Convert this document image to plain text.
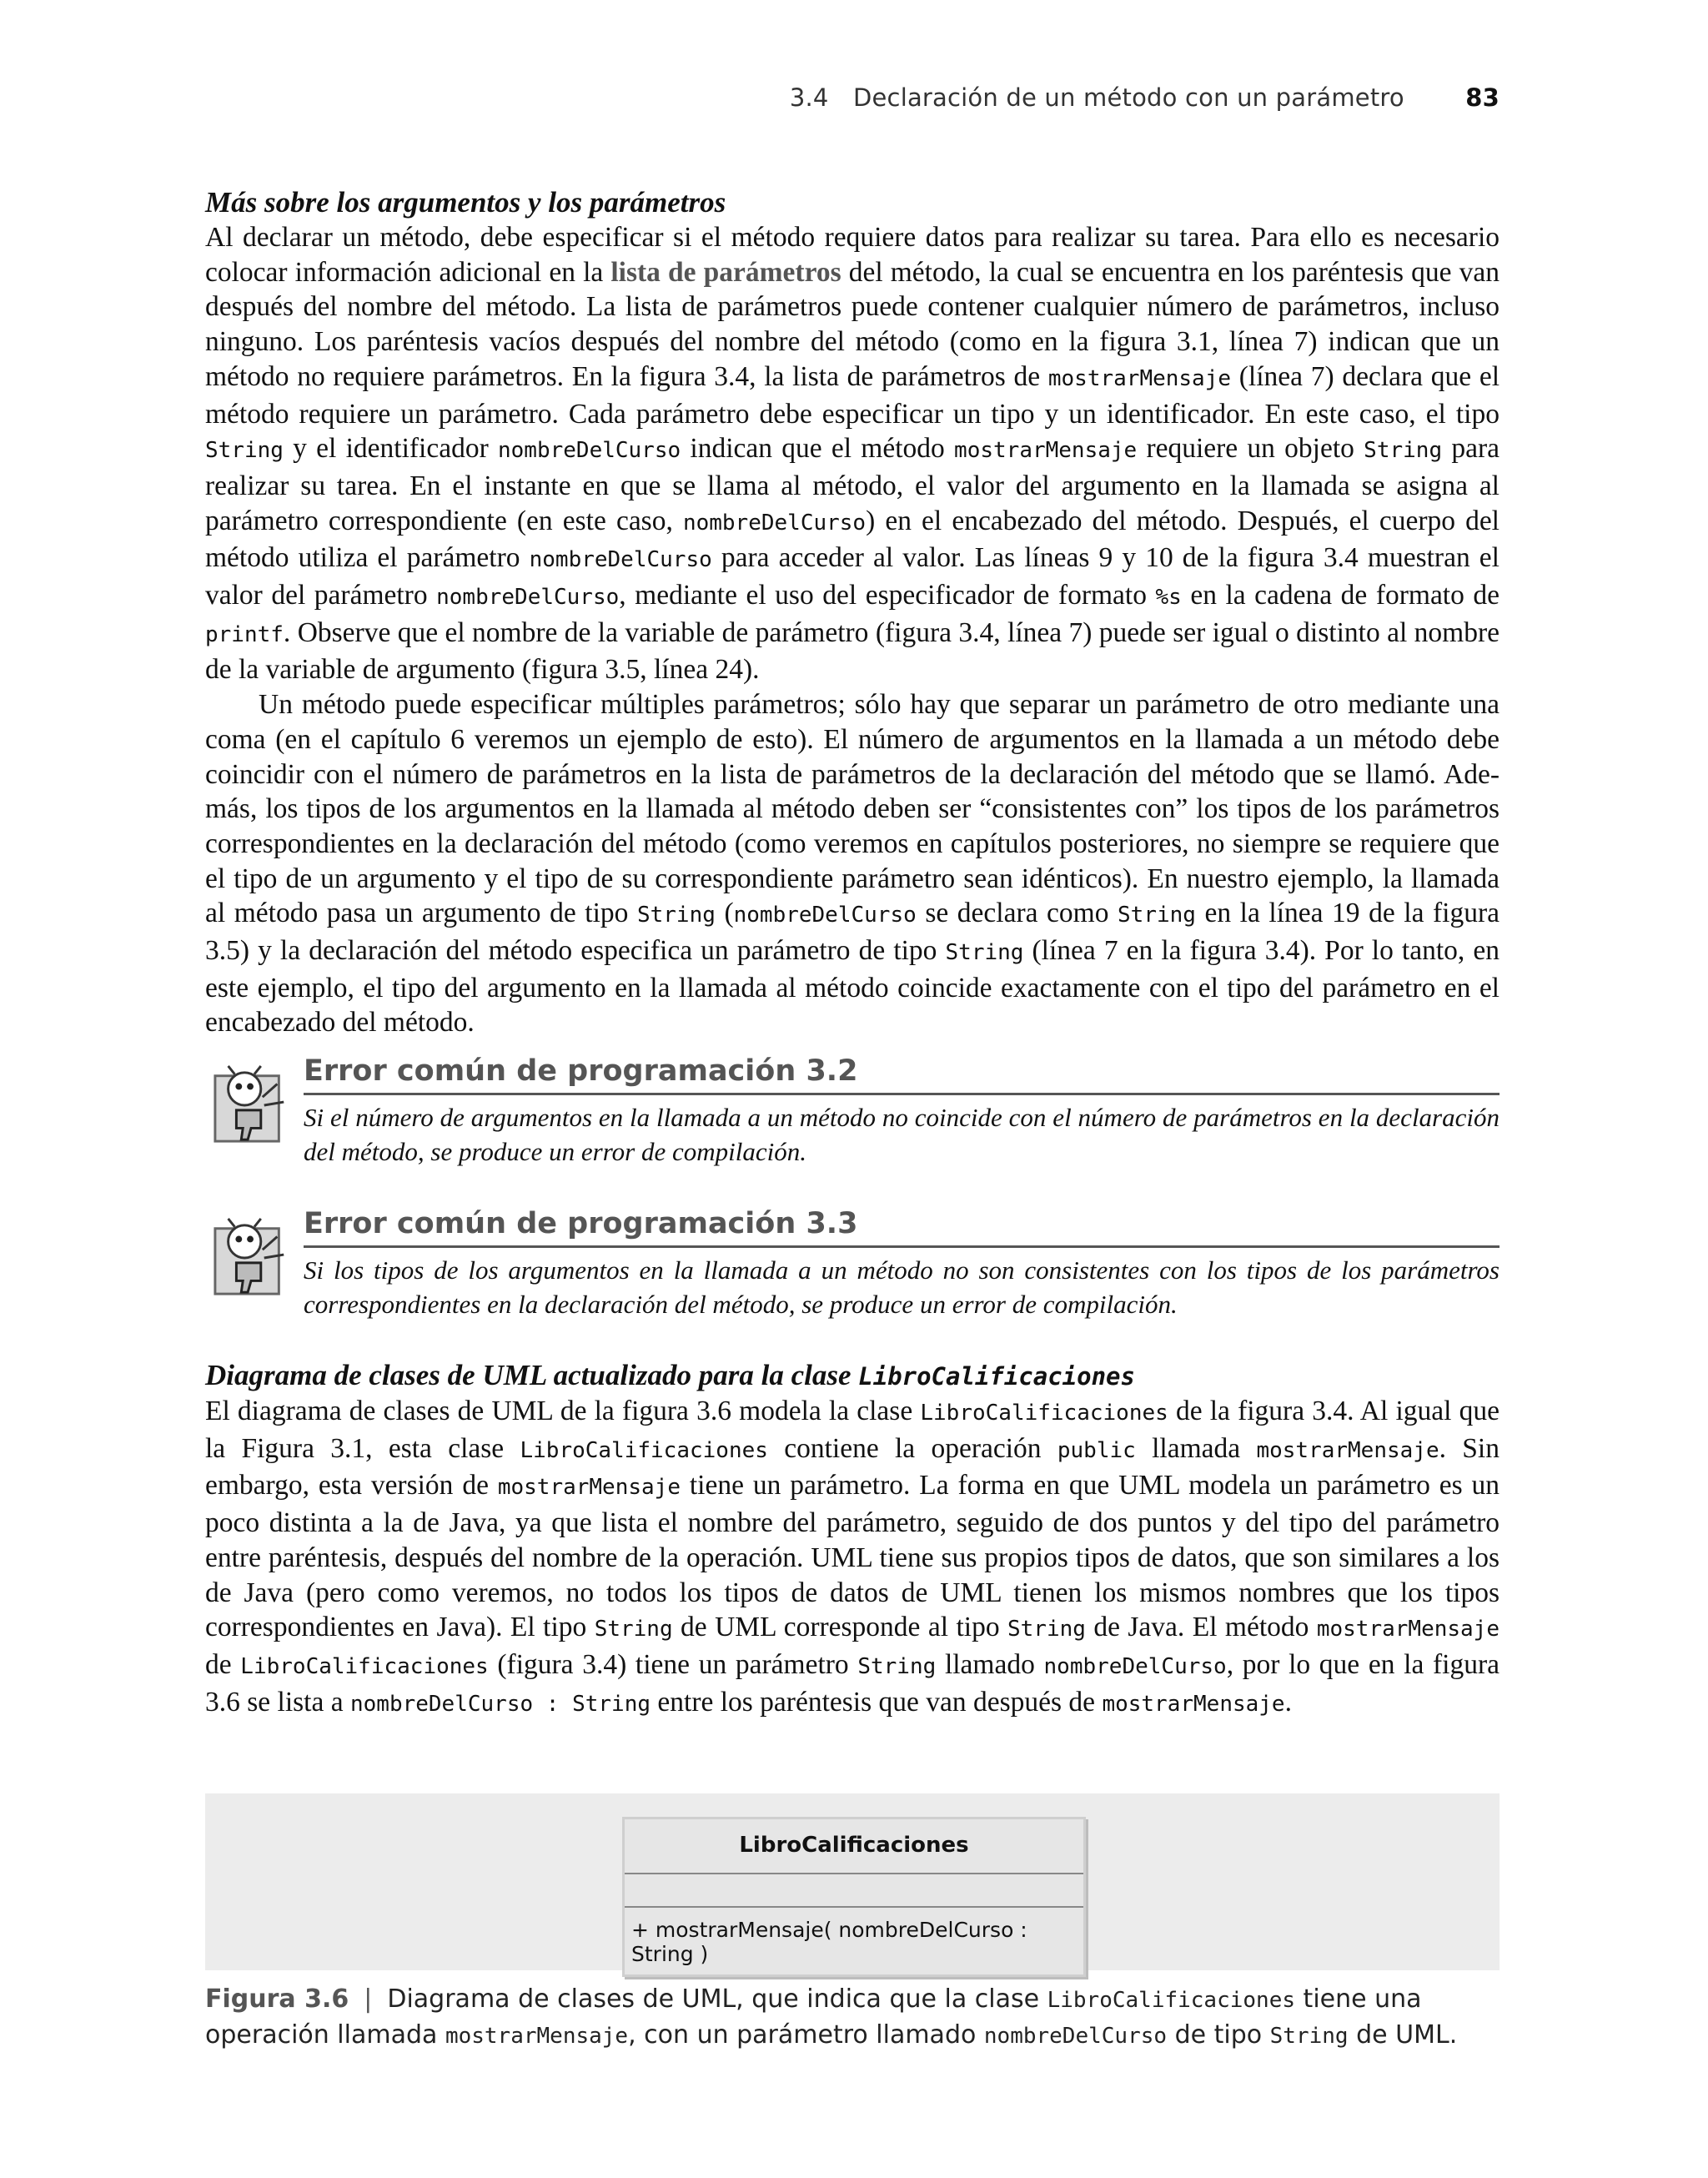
3.4 Declaración de un método con un parámetro	83
Más sobre los argumentos y los parámetros

Al declarar un método, debe especificar si el método requiere datos para realizar su tarea. Para ello es necesario colocar información adicional en la lista de parámetros del método, la cual se encuentra en los paréntesis que van después del nombre del método. La lista de parámetros puede contener cualquier número de parámetros, incluso ninguno. Los paréntesis vacíos después del nombre del método (como en la figura 3.1, línea 7) indican que un método no requiere parámetros. En la figura 3.4, la lista de parámetros de mostrarMensaje (línea 7) declara que el método requiere un parámetro. Cada parámetro debe especificar un tipo y un identificador. En este caso, el tipo String y el identificador nombreDelCurso indican que el método mostrarMensaje requiere un objeto String para realizar su tarea. En el instante en que se llama al método, el valor del argumento en la llamada se asigna al parámetro correspondiente (en este caso, nombreDelCurso) en el encabezado del método. Después, el cuerpo del método utiliza el parámetro nombreDelCurso para acceder al valor. Las líneas 9 y 10 de la figura 3.4 muestran el valor del parámetro nombreDelCurso, mediante el uso del especificador de formato %s en la cadena de formato de printf. Observe que el nombre de la variable de parámetro (figura 3.4, línea 7) puede ser igual o distinto al nombre de la variable de argumento (figura 3.5, línea 24).

Un método puede especificar múltiples parámetros; sólo hay que separar un parámetro de otro mediante una coma (en el capítulo 6 veremos un ejemplo de esto). El número de argumentos en la llamada a un método debe coincidir con el número de parámetros en la lista de parámetros de la declaración del método que se llamó. Además, los tipos de los argumentos en la llamada al método deben ser “consistentes con” los tipos de los parámetros correspondientes en la declaración del método (como veremos en capítulos posteriores, no siempre se requiere que el tipo de un argumento y el tipo de su correspondiente parámetro sean idénticos). En nuestro ejemplo, la llamada al método pasa un argumento de tipo String (nombreDelCurso se declara como String en la línea 19 de la figura 3.5) y la declaración del método especifica un parámetro de tipo String (línea 7 en la figura 3.4). Por lo tanto, en este ejemplo, el tipo del argumento en la llamada al método coincide exactamente con el tipo del parámetro en el encabezado del método.

Error común de programación 3.2
Si el número de argumentos en la llamada a un método no coincide con el número de parámetros en la declaración del método, se produce un error de compilación.
Error común de programación 3.3
Si los tipos de los argumentos en la llamada a un método no son consistentes con los tipos de los parámetros correspondientes en la declaración del método, se produce un error de compilación.
Diagrama de clases de UML actualizado para la clase LibroCalificaciones

El diagrama de clases de UML de la figura 3.6 modela la clase LibroCalificaciones de la figura 3.4. Al igual que la Figura 3.1, esta clase LibroCalificaciones contiene la operación public llamada mostrarMensaje. Sin embargo, esta versión de mostrarMensaje tiene un parámetro. La forma en que UML modela un parámetro es un poco distinta a la de Java, ya que lista el nombre del parámetro, seguido de dos puntos y del tipo del parámetro entre paréntesis, después del nombre de la operación. UML tiene sus propios tipos de datos, que son similares a los de Java (pero como veremos, no todos los tipos de datos de UML tienen los mismos nombres que los tipos correspondientes en Java). El tipo String de UML corresponde al tipo String de Java. El método mostrarMensaje de LibroCalificaciones (figura 3.4) tiene un parámetro String llamado nombreDelCurso, por lo que en la figura 3.6 se lista a nombreDelCurso : String entre los paréntesis que van después de mostrarMensaje.

LibroCalificaciones
+ mostrarMensaje( nombreDelCurso : String )
Figura 3.6 | Diagrama de clases de UML, que indica que la clase LibroCalificaciones tiene una operación llamada mostrarMensaje, con un parámetro llamado nombreDelCurso de tipo String de UML.
